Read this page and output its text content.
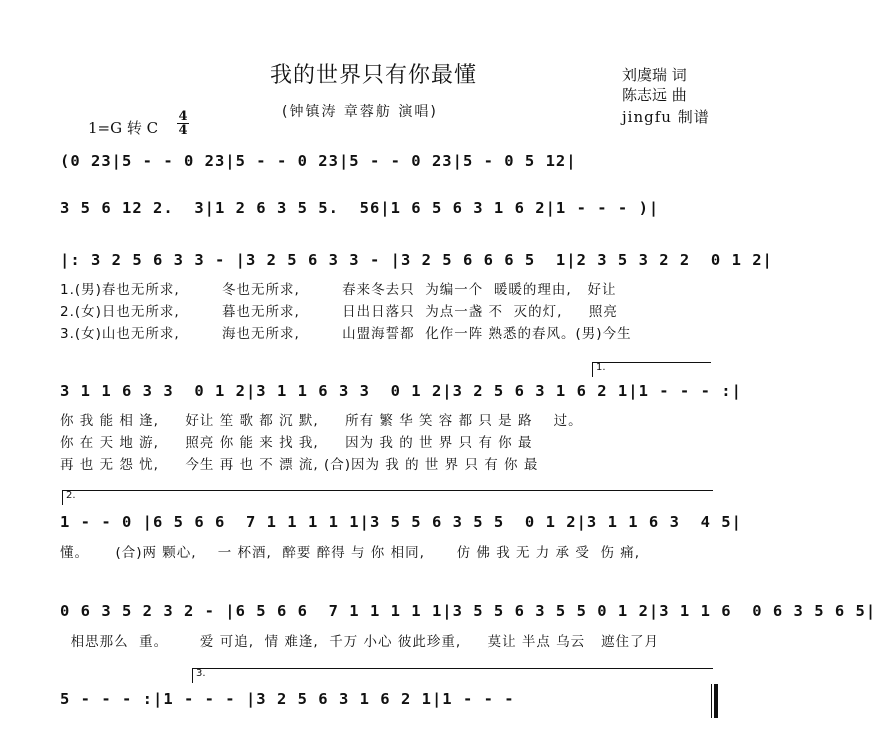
我的世界只有你最懂	刘虞瑞 词
陈志远 曲
jingfu 制谱
(钟镇涛 章蓉舫 演唱)
1=G 转 C
4
4
(0 23|5 - - 0 23|5 - - 0 23|5 - - 0 23|5 - 0 5 12|
3 5 6 12 2.  3|1 2 6 3 5 5.  56|1 6 5 6 3 1 6 2|1 - - - )|
|: 3 2 5 6 3 3 - |3 2 5 6 3 3 - |3 2 5 6 6 6 5  1|2 3 5 3 2 2  0 1 2|
1.(男)春也无所求,        冬也无所求,        春来冬去只  为编一个  暖暖的理由,   好让
2.(女)日也无所求,        暮也无所求,        日出日落只  为点一盏 不  灭的灯,     照亮
3.(女)山也无所求,        海也无所求,        山盟海誓都  化作一阵 熟悉的春风。(男)今生
1.
3 1 1 6 3 3  0 1 2|3 1 1 6 3 3  0 1 2|3 2 5 6 3 1 6 2 1|1 - - - :|
你 我 能 相 逢,     好让 笙 歌 都 沉 默,     所有 繁 华 笑 容 都 只 是 路    过。
你 在 天 地 游,     照亮 你 能 来 找 我,     因为 我 的 世 界 只 有 你 最
再 也 无 怨 忧,     今生 再 也 不 漂 流, (合)因为 我 的 世 界 只 有 你 最
2.
1 - - 0 |6 5 6 6  7 1 1 1 1 1|3 5 5 6 3 5 5  0 1 2|3 1 1 6 3  4 5|
懂。     (合)两 颗心,    一 杯酒,  醉要 醉得 与 你 相同,      仿 佛 我 无 力 承 受  伤 痛,
0 6 3 5 2 3 2 - |6 5 6 6  7 1 1 1 1 1|3 5 5 6 3 5 5 0 1 2|3 1 1 6  0 6 3 5 6 5|
相思那么  重。      爱 可追,  情 难逢,  千万 小心 彼此珍重,     莫让 半点 乌云   遮住了月
3.
5 - - - :|1 - - - |3 2 5 6 3 1 6 2 1|1 - - -
